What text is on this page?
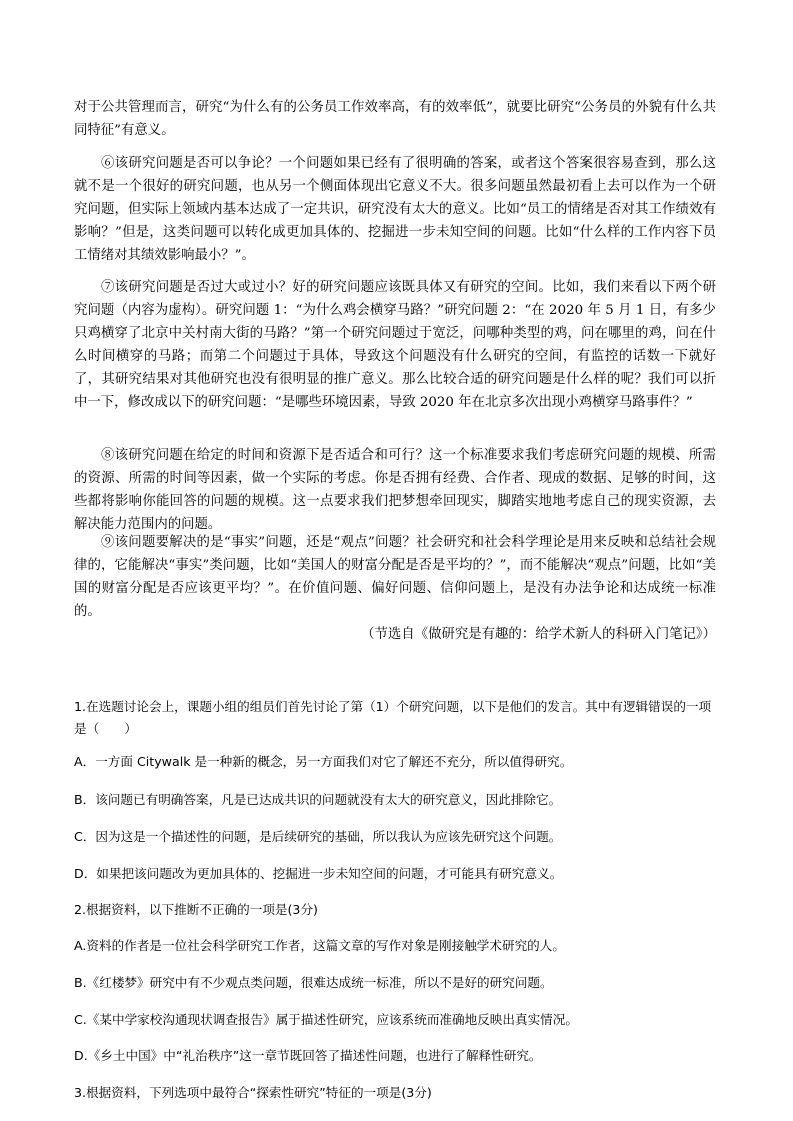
对于公共管理而言，研究“为什么有的公务员工作效率高，有的效率低”，就要比研究“公务员的外貌有什么共同特征”有意义。

⑥该研究问题是否可以争论？一个问题如果已经有了很明确的答案，或者这个答案很容易查到，那么这就不是一个很好的研究问题，也从另一个侧面体现出它意义不大。很多问题虽然最初看上去可以作为一个研究问题，但实际上领域内基本达成了一定共识，研究没有太大的意义。比如“员工的情绪是否对其工作绩效有影响？”但是，这类问题可以转化成更加具体的、挖掘进一步未知空间的问题。比如“什么样的工作内容下员工情绪对其绩效影响最小？”。

⑦该研究问题是否过大或过小？好的研究问题应该既具体又有研究的空间。比如，我们来看以下两个研究问题（内容为虚构）。研究问题 1：“为什么鸡会横穿马路？”研究问题 2：“在 2020 年 5 月 1 日，有多少只鸡横穿了北京中关村南大街的马路？”第一个研究问题过于宽泛，问哪种类型的鸡，问在哪里的鸡，问在什么时间横穿的马路；而第二个问题过于具体，导致这个问题没有什么研究的空间，有监控的话数一下就好了，其研究结果对其他研究也没有很明显的推广意义。那么比较合适的研究问题是什么样的呢？我们可以折中一下，修改成以下的研究问题：“是哪些环境因素，导致 2020 年在北京多次出现小鸡横穿马路事件？”

⑧该研究问题在给定的时间和资源下是否适合和可行？这一个标准要求我们考虑研究问题的规模、所需的资源、所需的时间等因素，做一个实际的考虑。你是否拥有经费、合作者、现成的数据、足够的时间，这些都将影响你能回答的问题的规模。这一点要求我们把梦想牵回现实，脚踏实地地考虑自己的现实资源，去解决能力范围内的问题。

⑨该问题要解决的是“事实”问题，还是“观点”问题？社会研究和社会科学理论是用来反映和总结社会规律的，它能解决“事实”类问题，比如“美国人的财富分配是否是平均的？”，而不能解决“观点”问题，比如“美国的财富分配是否应该更平均？”。在价值问题、偏好问题、信仰问题上，是没有办法争论和达成统一标准的。

（节选自《做研究是有趣的：给学术新人的科研入门笔记》）

1.在选题讨论会上，课题小组的组员们首先讨论了第（1）个研究问题，以下是他们的发言。其中有逻辑错误的一项是（　　）

A．一方面 Citywalk 是一种新的概念，另一方面我们对它了解还不充分，所以值得研究。

B．该问题已有明确答案，凡是已达成共识的问题就没有太大的研究意义，因此排除它。

C．因为这是一个描述性的问题，是后续研究的基础，所以我认为应该先研究这个问题。

D．如果把该问题改为更加具体的、挖掘进一步未知空间的问题，才可能具有研究意义。

2.根据资料，以下推断不正确的一项是(3分)

A.资料的作者是一位社会科学研究工作者，这篇文章的写作对象是刚接触学术研究的人。

B.《红楼梦》研究中有不少观点类问题，很难达成统一标准，所以不是好的研究问题。

C.《某中学家校沟通现状调查报告》属于描述性研究，应该系统而准确地反映出真实情况。

D.《乡土中国》中“礼治秩序”这一章节既回答了描述性问题，也进行了解释性研究。

3.根据资料，下列选项中最符合“探索性研究”特征的一项是(3分)
